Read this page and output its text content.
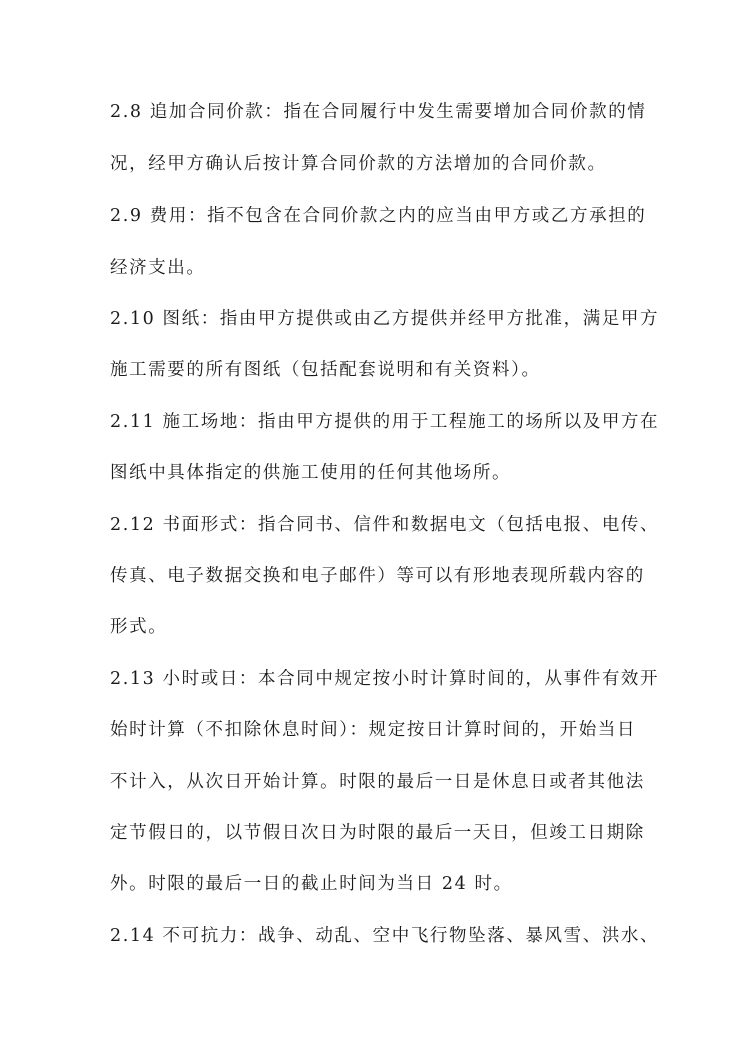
2.8 追加合同价款：指在合同履行中发生需要增加合同价款的情
况，经甲方确认后按计算合同价款的方法增加的合同价款。
2.9 费用：指不包含在合同价款之内的应当由甲方或乙方承担的
经济支出。
2.10 图纸：指由甲方提供或由乙方提供并经甲方批准，满足甲方
施工需要的所有图纸（包括配套说明和有关资料）。
2.11 施工场地：指由甲方提供的用于工程施工的场所以及甲方在
图纸中具体指定的供施工使用的任何其他场所。
2.12 书面形式：指合同书、信件和数据电文（包括电报、电传、
传真、电子数据交换和电子邮件）等可以有形地表现所载内容的
形式。
2.13 小时或日：本合同中规定按小时计算时间的，从事件有效开
始时计算（不扣除休息时间）：规定按日计算时间的，开始当日
不计入，从次日开始计算。时限的最后一日是休息日或者其他法
定节假日的，以节假日次日为时限的最后一天日，但竣工日期除
外。时限的最后一日的截止时间为当日 24 时。
2.14 不可抗力：战争、动乱、空中飞行物坠落、暴风雪、洪水、
